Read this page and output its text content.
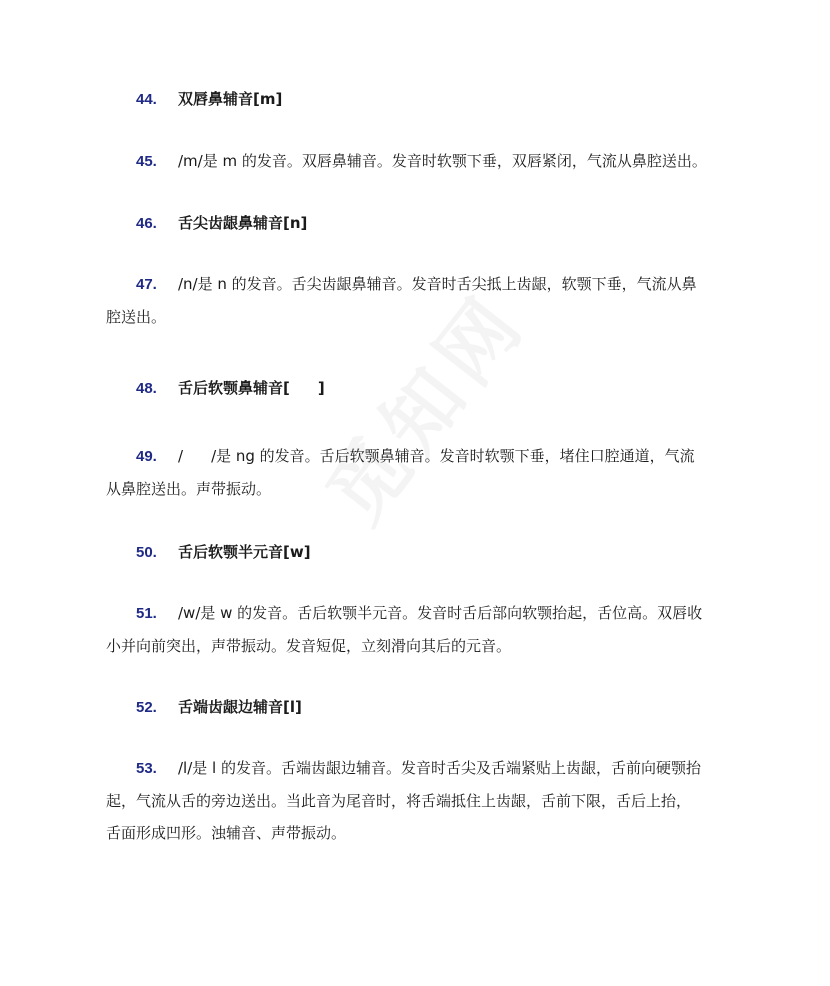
44. 双唇鼻辅音[m]
45. /m/是 m 的发音。双唇鼻辅音。发音时软颚下垂，双唇紧闭，气流从鼻腔送出。
46. 舌尖齿龈鼻辅音[n]
47. /n/是 n 的发音。舌尖齿龈鼻辅音。发音时舌尖抵上齿龈，软颚下垂，气流从鼻
腔送出。
48. 舌后软颚鼻辅音[ ]
49. / /是 ng 的发音。舌后软颚鼻辅音。发音时软颚下垂，堵住口腔通道，气流
从鼻腔送出。声带振动。
50. 舌后软颚半元音[w]
51. /w/是 w 的发音。舌后软颚半元音。发音时舌后部向软颚抬起，舌位高。双唇收
小并向前突出，声带振动。发音短促，立刻滑向其后的元音。
52. 舌端齿龈边辅音[l]
53. /l/是 l 的发音。舌端齿龈边辅音。发音时舌尖及舌端紧贴上齿龈，舌前向硬颚抬
起，气流从舌的旁边送出。当此音为尾音时，将舌端抵住上齿龈，舌前下限，舌后上抬，
舌面形成凹形。浊辅音、声带振动。
